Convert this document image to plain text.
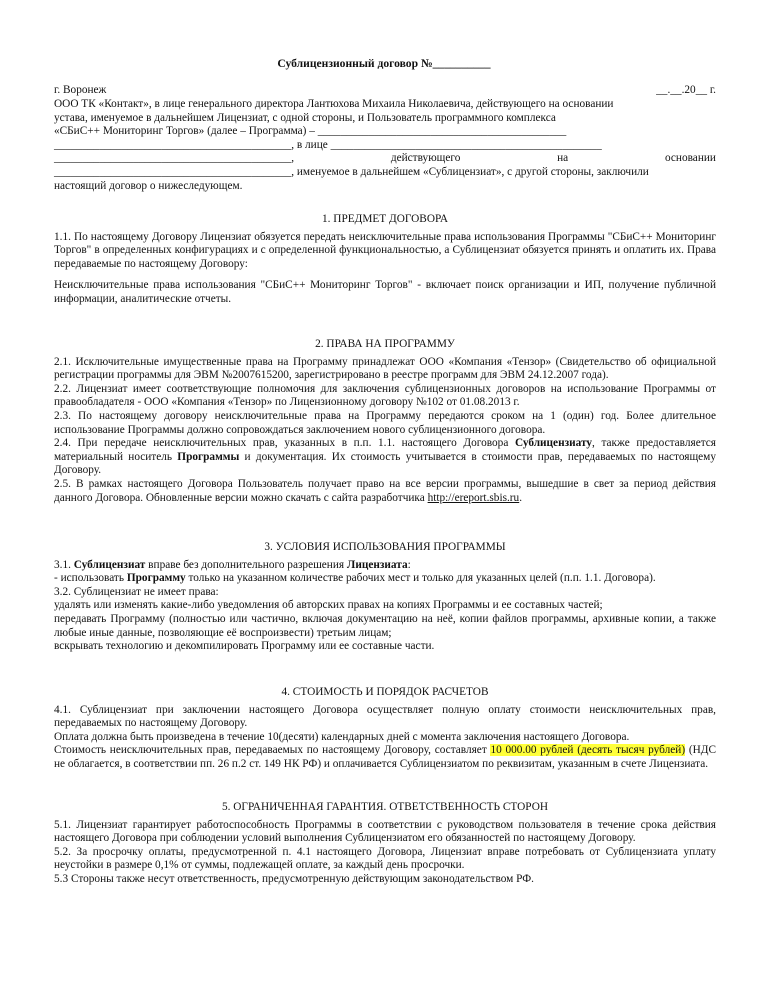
Сублицензионный договор №__________
г. Воронеж	__.__.20__ г.
ООО ТК «Контакт», в лице генерального директора Лантюхова Михаила Николаевича, действующего на основании
устава, именуемое в дальнейшем Лицензиат, с одной стороны, и Пользователь программного комплекса
«СБиС++ Мониторинг Торгов» (далее – Программа) – ____________________________________________
__________________________________________, в лице ________________________________________________
__________________________________________,	действующего	на	основании
__________________________________________, именуемое в дальнейшем «Сублицензиат», с другой стороны, заключили
настоящий договор о нижеследующем.
1. ПРЕДМЕТ ДОГОВОРА

1.1. По настоящему Договору Лицензиат обязуется передать неисключительные права использования Программы "СБиС++ Мониторинг Торгов" в определенных конфигурациях и с определенной функциональностью, а Сублицензиат обязуется принять и оплатить их. Права передаваемые по настоящему Договору:

Неисключительные права использования "СБиС++ Мониторинг Торгов" - включает поиск организации и ИП, получение публичной информации, аналитические отчеты.

2. ПРАВА НА ПРОГРАММУ

2.1. Исключительные имущественные права на Программу принадлежат ООО «Компания «Тензор» (Свидетельство об официальной регистрации программы для ЭВМ №2007615200, зарегистрировано в реестре программ для ЭВМ 24.12.2007 года).

2.2. Лицензиат имеет соответствующие полномочия для заключения сублицензионных договоров на использование Программы от правообладателя - ООО «Компания «Тензор» по Лицензионному договору №102 от 01.08.2013 г.

2.3. По настоящему договору неисключительные права на Программу передаются сроком на 1 (один) год. Более длительное использование Программы должно сопровождаться заключением нового сублицензионного договора.

2.4. При передаче неисключительных прав, указанных в п.п. 1.1. настоящего Договора Сублицензиату, также предоставляется материальный носитель Программы и документация. Их стоимость учитывается в стоимости прав, передаваемых по настоящему Договору.

2.5. В рамках настоящего Договора Пользователь получает право на все версии программы, вышедшие в свет за период действия данного Договора. Обновленные версии можно скачать с сайта разработчика http://ereport.sbis.ru.

3. УСЛОВИЯ ИСПОЛЬЗОВАНИЯ ПРОГРАММЫ

3.1. Сублицензиат вправе без дополнительного разрешения Лицензиата:

- использовать Программу только на указанном количестве рабочих мест и только для указанных целей (п.п. 1.1. Договора).

3.2. Сублицензиат не имеет права:

удалять или изменять какие-либо уведомления об авторских правах на копиях Программы и ее составных частей;

передавать Программу (полностью или частично, включая документацию на неё, копии файлов программы, архивные копии, а также любые иные данные, позволяющие её воспроизвести) третьим лицам;

вскрывать технологию и декомпилировать Программу или ее составные части.

4. СТОИМОСТЬ И ПОРЯДОК РАСЧЕТОВ

4.1. Сублицензиат при заключении настоящего Договора осуществляет полную оплату стоимости неисключительных прав, передаваемых по настоящему Договору.

Оплата должна быть произведена в течение 10(десяти) календарных дней с момента заключения настоящего Договора.

Стоимость неисключительных прав, передаваемых по настоящему Договору, составляет 10 000.00 рублей (десять тысяч рублей) (НДС не облагается, в соответствии пп. 26 п.2 ст. 149 НК РФ) и оплачивается Сублицензиатом по реквизитам, указанным в счете Лицензиата.

5. ОГРАНИЧЕННАЯ ГАРАНТИЯ. ОТВЕТСТВЕННОСТЬ СТОРОН

5.1. Лицензиат гарантирует работоспособность Программы в соответствии с руководством пользователя в течение срока действия настоящего Договора при соблюдении условий выполнения Сублицензиатом его обязанностей по настоящему Договору.

5.2. За просрочку оплаты, предусмотренной п. 4.1 настоящего Договора, Лицензиат вправе потребовать от Сублицензиата уплату неустойки в размере 0,1% от суммы, подлежащей оплате, за каждый день просрочки.

5.3 Стороны также несут ответственность, предусмотренную действующим законодательством РФ.
